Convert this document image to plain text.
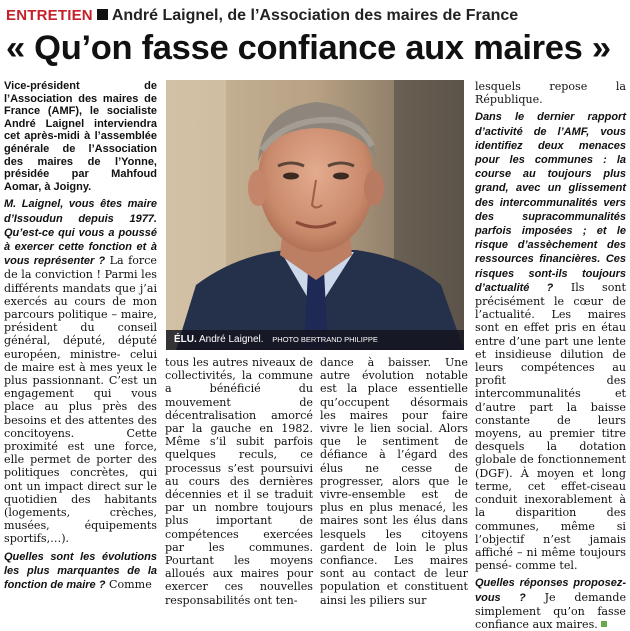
ENTRETIEN André Laignel, de l’Association des maires de France
« Qu’on fasse confiance aux maires »

Vice-président de l’Association des maires de France (AMF), le socialiste André Laignel interviendra cet après-midi à l’assemblée générale de l’Association des maires de l’Yonne, présidée par Mahfoud Aomar, à Joigny.

M. Laignel, vous êtes maire d’Issoudun depuis 1977. Qu’est-ce qui vous a poussé à exercer cette fonction et à vous représenter ? La force de la conviction ! Parmi les différents mandats que j’ai exercés au cours de mon parcours politique – maire, président du conseil général, député, député européen, ministre- celui de maire est à mes yeux le plus passionnant. C’est un engagement qui vous place au plus près des besoins et des attentes des concitoyens. Cette proximité est une force, elle permet de porter des politiques concrètes, qui ont un impact direct sur le quotidien des habitants (logements, crèches, musées, équipements sportifs,…).

Quelles sont les évolutions les plus marquantes de la fonction de maire ? Comme

ÉLU. André Laignel. PHOTO BERTRAND PHILIPPE

tous les autres niveaux de collectivités, la commune a bénéficié du mouvement de décentralisation amorcé par la gauche en 1982. Même s’il subit parfois quelques reculs, ce processus s’est poursuivi au cours des dernières décennies et il se traduit par un nombre toujours plus important de compétences exercées par les communes. Pourtant les moyens alloués aux maires pour exercer ces nouvelles responsabilités ont ten-

dance à baisser. Une autre évolution notable est la place essentielle qu’occupent désormais les maires pour faire vivre le lien social. Alors que le sentiment de défiance à l’égard des élus ne cesse de progresser, alors que le vivre-ensemble est de plus en plus menacé, les maires sont les élus dans lesquels les citoyens gardent de loin le plus confiance. Les maires sont au contact de leur population et constituent ainsi les piliers sur

lesquels repose la République.

Dans le dernier rapport d’activité de l’AMF, vous identifiez deux menaces pour les communes : la course au toujours plus grand, avec un glissement des intercommunalités vers des supracommunalités parfois imposées ; et le risque d’assèchement des ressources financières. Ces risques sont-ils toujours d’actualité ? Ils sont précisément le cœur de l’actualité. Les maires sont en effet pris en étau entre d’une part une lente et insidieuse dilution de leurs compétences au profit des intercommunalités et d’autre part la baisse constante de leurs moyens, au premier titre desquels la dotation globale de fonctionnement (DGF). À moyen et long terme, cet effet-ciseau conduit inexorablement à la disparition des communes, même si l’objectif n’est jamais affiché – ni même toujours pensé- comme tel.

Quelles réponses proposez-vous ? Je demande simplement qu’on fasse confiance aux maires.
